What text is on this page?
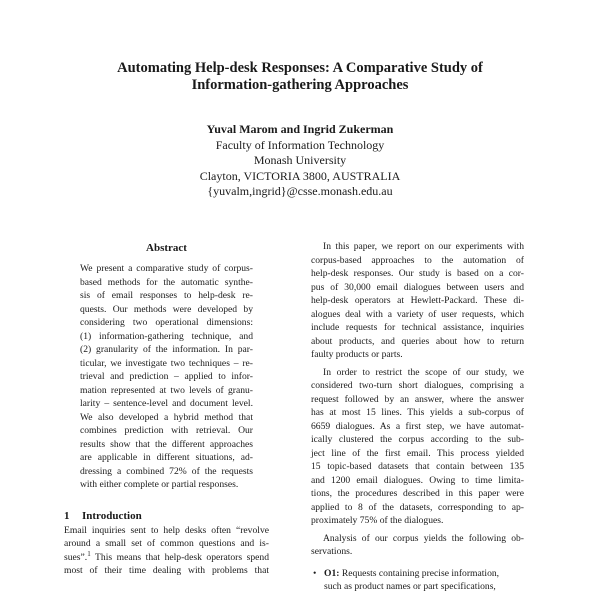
Automating Help-desk Responses: A Comparative Study of
Information-gathering Approaches
Yuval Marom and Ingrid Zukerman
Faculty of Information Technology
Monash University
Clayton, VICTORIA 3800, AUSTRALIA
{yuvalm,ingrid}@csse.monash.edu.au
Abstract
We present a comparative study of corpus-
based methods for the automatic synthe-
sis of email responses to help-desk re-
quests. Our methods were developed by
considering two operational dimensions:
(1) information-gathering technique, and
(2) granularity of the information. In par-
ticular, we investigate two techniques – re-
trieval and prediction – applied to infor-
mation represented at two levels of granu-
larity – sentence-level and document level.
We also developed a hybrid method that
combines prediction with retrieval. Our
results show that the different approaches
are applicable in different situations, ad-
dressing a combined 72% of the requests
with either complete or partial responses.
1 Introduction
Email inquiries sent to help desks often “revolve
around a small set of common questions and is-
sues”.$^1$ This means that help-desk operators spend
most of their time dealing with problems that
In this paper, we report on our experiments with
corpus-based approaches to the automation of
help-desk responses. Our study is based on a cor-
pus of 30,000 email dialogues between users and
help-desk operators at Hewlett-Packard. These di-
alogues deal with a variety of user requests, which
include requests for technical assistance, inquiries
about products, and queries about how to return
faulty products or parts.
In order to restrict the scope of our study, we
considered two-turn short dialogues, comprising a
request followed by an answer, where the answer
has at most 15 lines. This yields a sub-corpus of
6659 dialogues. As a first step, we have automat-
ically clustered the corpus according to the sub-
ject line of the first email. This process yielded
15 topic-based datasets that contain between 135
and 1200 email dialogues. Owing to time limita-
tions, the procedures described in this paper were
applied to 8 of the datasets, corresponding to ap-
proximately 75% of the dialogues.
Analysis of our corpus yields the following ob-
servations.
• O1: Requests containing precise information,
such as product names or part specifications,
